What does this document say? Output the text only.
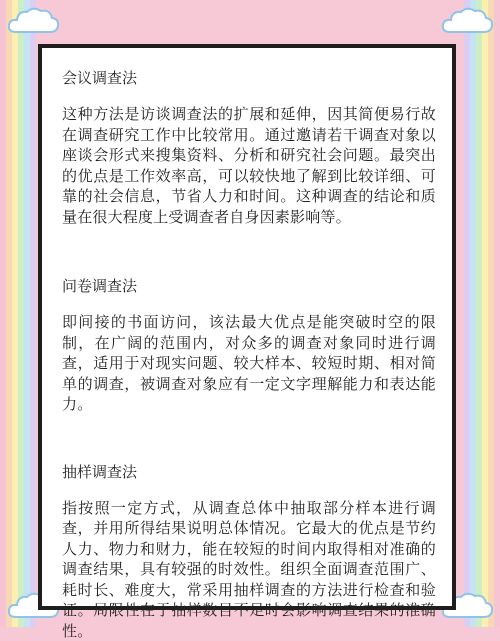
会议调查法

这种方法是访谈调查法的扩展和延伸，因其简便易行故在调查研究工作中比较常用。通过邀请若干调查对象以座谈会形式来搜集资料、分析和研究社会问题。最突出的优点是工作效率高，可以较快地了解到比较详细、可靠的社会信息，节省人力和时间。这种调查的结论和质量在很大程度上受调查者自身因素影响等。

问卷调查法

即间接的书面访问，该法最大优点是能突破时空的限制，在广阔的范围内，对众多的调查对象同时进行调查，适用于对现实问题、较大样本、较短时期、相对简单的调查，被调查对象应有一定文字理解能力和表达能力。

抽样调查法

指按照一定方式，从调查总体中抽取部分样本进行调查，并用所得结果说明总体情况。它最大的优点是节约人力、物力和财力，能在较短的时间内取得相对准确的调查结果，具有较强的时效性。组织全面调查范围广、耗时长、难度大，常采用抽样调查的方法进行检查和验证。局限性在于抽样数目不足时会影响调查结果的准确性。
